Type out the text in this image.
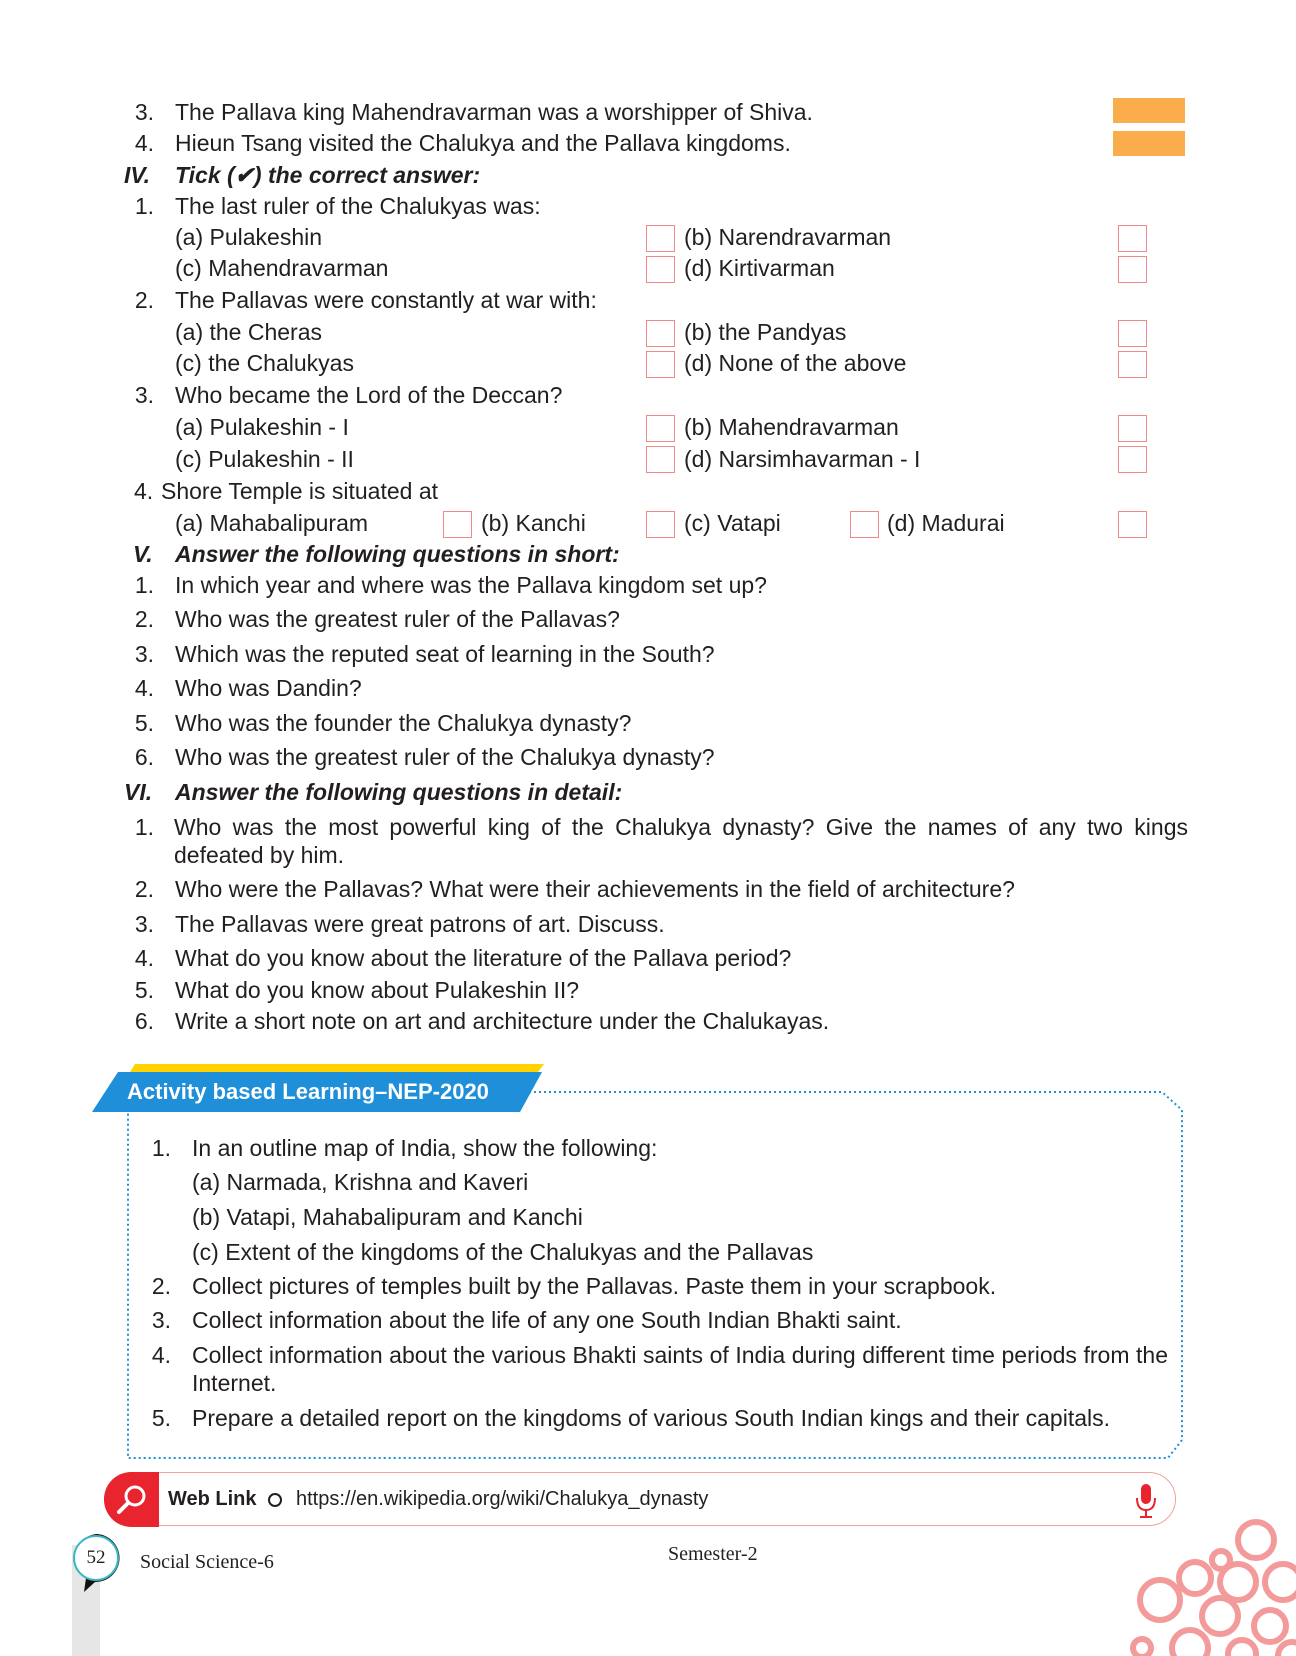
3. The Pallava king Mahendravarman was a worshipper of Shiva.
4. Hieun Tsang visited the Chalukya and the Pallava kingdoms.
IV. Tick (✔) the correct answer:
1. The last ruler of the Chalukyas was:
(a) Pulakeshin	(b) Narendravarman
(c) Mahendravarman	(d) Kirtivarman
2. The Pallavas were constantly at war with:
(a) the Cheras	(b) the Pandyas
(c) the Chalukyas	(d) None of the above
3. Who became the Lord of the Deccan?
(a) Pulakeshin - I	(b) Mahendravarman
(c) Pulakeshin - II	(d) Narsimhavarman - I
4. Shore Temple is situated at
(a) Mahabalipuram	(b) Kanchi	(c) Vatapi	(d) Madurai
V. Answer the following questions in short:
1. In which year and where was the Pallava kingdom set up?
2. Who was the greatest ruler of the Pallavas?
3. Which was the reputed seat of learning in the South?
4. Who was Dandin?
5. Who was the founder the Chalukya dynasty?
6. Who was the greatest ruler of the Chalukya dynasty?
VI. Answer the following questions in detail:
1. Who was the most powerful king of the Chalukya dynasty? Give the names of any two kings defeated by him.
2. Who were the Pallavas? What were their achievements in the field of architecture?
3. The Pallavas were great patrons of art. Discuss.
4. What do you know about the literature of the Pallava period?
5. What do you know about Pulakeshin II?
6. Write a short note on art and architecture under the Chalukayas.
Activity based Learning–NEP-2020
1. In an outline map of India, show the following:
(a) Narmada, Krishna and Kaveri
(b) Vatapi, Mahabalipuram and Kanchi
(c) Extent of the kingdoms of the Chalukyas and the Pallavas
2. Collect pictures of temples built by the Pallavas. Paste them in your scrapbook.
3. Collect information about the life of any one South Indian Bhakti saint.
4. Collect information about the various Bhakti saints of India during different time periods from the Internet.
5. Prepare a detailed report on the kingdoms of various South Indian kings and their capitals.
Web Link https://en.wikipedia.org/wiki/Chalukya_dynasty
52	Social Science-6	Semester-2
